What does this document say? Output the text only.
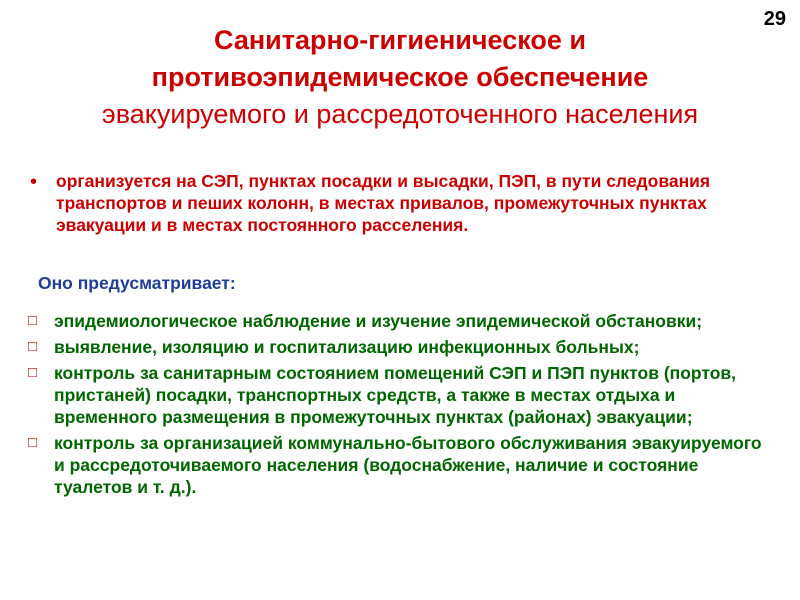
29
Санитарно-гигиеническое и
противоэпидемическое обеспечение
эвакуируемого и рассредоточенного населения
•	организуется на СЭП, пунктах посадки и высадки, ПЭП, в пути следования транспортов и пеших колонн, в местах привалов, промежуточных пунктах эвакуации и в местах постоянного расселения.
Оно предусматривает:
□ эпидемиологическое наблюдение и изучение эпидемической обстановки;
□ выявление, изоляцию и госпитализацию инфекционных больных;
□ контроль за санитарным состоянием помещений СЭП и ПЭП пунктов (портов, пристаней) посадки, транспортных средств, а также в местах отдыха и временного размещения в промежуточных пунктах (районах) эвакуации;
□ контроль за организацией коммунально-бытового обслуживания эвакуируемого и рассредоточиваемого населения (водоснабжение, наличие и состояние туалетов и т. д.).
